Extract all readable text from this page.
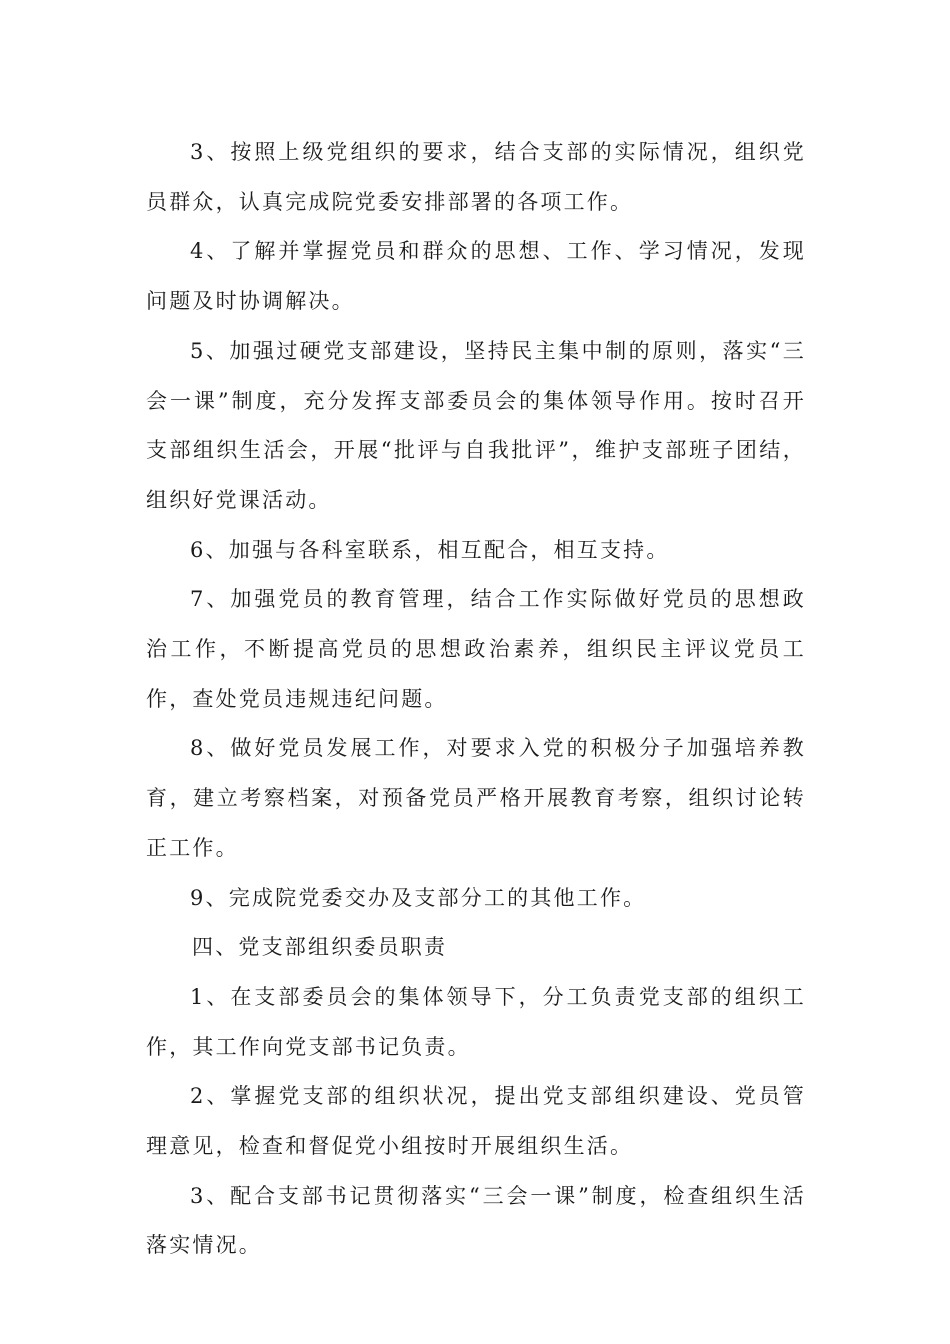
3、按照上级党组织的要求，结合支部的实际情况，组织党员群众，认真完成院党委安排部署的各项工作。

4、了解并掌握党员和群众的思想、工作、学习情况，发现问题及时协调解决。

5、加强过硬党支部建设，坚持民主集中制的原则，落实“三会一课”制度，充分发挥支部委员会的集体领导作用。按时召开支部组织生活会，开展“批评与自我批评”，维护支部班子团结，组织好党课活动。

6、加强与各科室联系，相互配合，相互支持。

7、加强党员的教育管理，结合工作实际做好党员的思想政治工作，不断提高党员的思想政治素养，组织民主评议党员工作，查处党员违规违纪问题。

8、做好党员发展工作，对要求入党的积极分子加强培养教育，建立考察档案，对预备党员严格开展教育考察，组织讨论转正工作。

9、完成院党委交办及支部分工的其他工作。

四、党支部组织委员职责

1、在支部委员会的集体领导下，分工负责党支部的组织工作，其工作向党支部书记负责。

2、掌握党支部的组织状况，提出党支部组织建设、党员管理意见，检查和督促党小组按时开展组织生活。

3、配合支部书记贯彻落实“三会一课”制度，检查组织生活落实情况。
